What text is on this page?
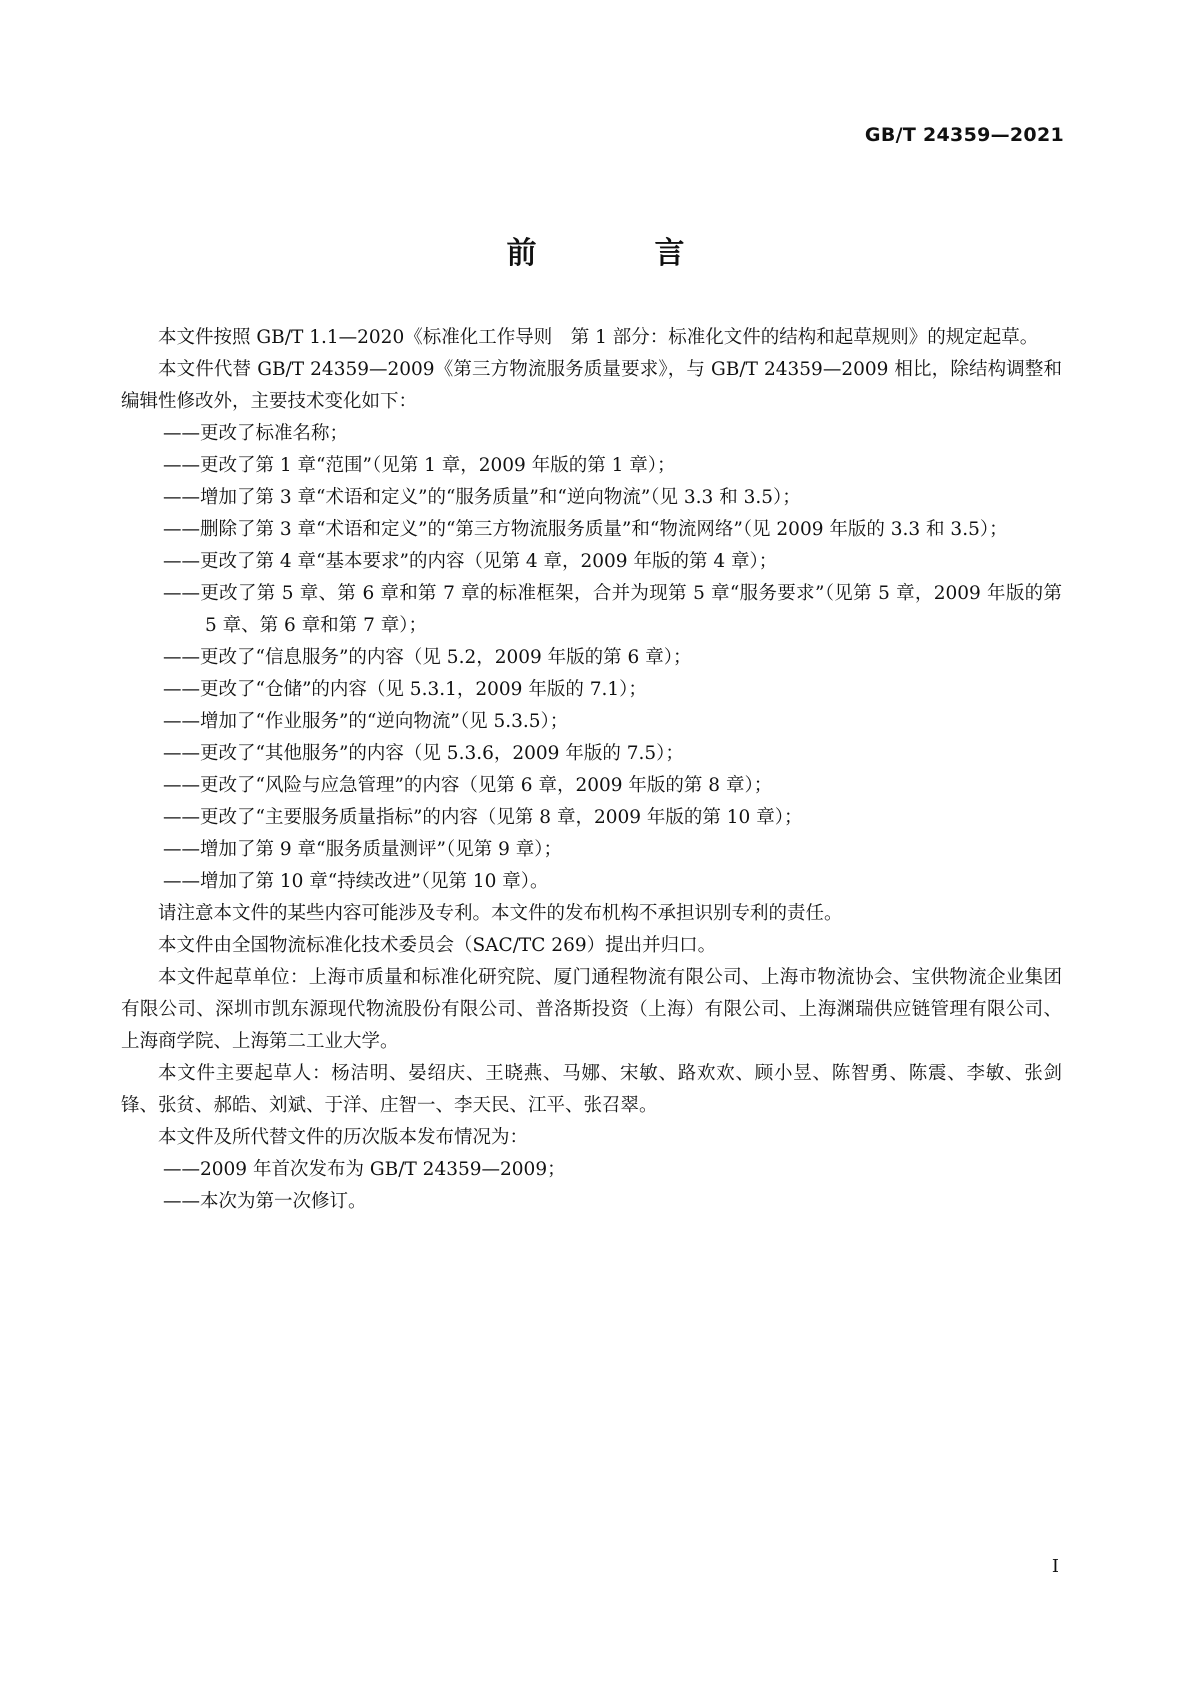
GB/T 24359—2021
前　言

本文件按照 GB/T 1.1—2020《标准化工作导则　第 1 部分：标准化文件的结构和起草规则》的规定起草。

本文件代替 GB/T 24359—2009《第三方物流服务质量要求》，与 GB/T 24359—2009 相比，除结构调整和编辑性修改外，主要技术变化如下：

——更改了标准名称；

——更改了第 1 章“范围”（见第 1 章，2009 年版的第 1 章）；

——增加了第 3 章“术语和定义”的“服务质量”和“逆向物流”（见 3.3 和 3.5）；

——删除了第 3 章“术语和定义”的“第三方物流服务质量”和“物流网络”（见 2009 年版的 3.3 和 3.5）；

——更改了第 4 章“基本要求”的内容（见第 4 章，2009 年版的第 4 章）；

——更改了第 5 章、第 6 章和第 7 章的标准框架，合并为现第 5 章“服务要求”（见第 5 章，2009 年版的第 5 章、第 6 章和第 7 章）；

——更改了“信息服务”的内容（见 5.2，2009 年版的第 6 章）；

——更改了“仓储”的内容（见 5.3.1，2009 年版的 7.1）；

——增加了“作业服务”的“逆向物流”（见 5.3.5）；

——更改了“其他服务”的内容（见 5.3.6，2009 年版的 7.5）；

——更改了“风险与应急管理”的内容（见第 6 章，2009 年版的第 8 章）；

——更改了“主要服务质量指标”的内容（见第 8 章，2009 年版的第 10 章）；

——增加了第 9 章“服务质量测评”（见第 9 章）；

——增加了第 10 章“持续改进”（见第 10 章）。

请注意本文件的某些内容可能涉及专利。本文件的发布机构不承担识别专利的责任。

本文件由全国物流标准化技术委员会（SAC/TC 269）提出并归口。

本文件起草单位：上海市质量和标准化研究院、厦门通程物流有限公司、上海市物流协会、宝供物流企业集团有限公司、深圳市凯东源现代物流股份有限公司、普洛斯投资（上海）有限公司、上海渊瑞供应链管理有限公司、上海商学院、上海第二工业大学。

本文件主要起草人：杨洁明、晏绍庆、王晓燕、马娜、宋敏、路欢欢、顾小昱、陈智勇、陈震、李敏、张剑锋、张贫、郝皓、刘斌、于洋、庄智一、李天民、江平、张召翠。

本文件及所代替文件的历次版本发布情况为：

——2009 年首次发布为 GB/T 24359—2009；

——本次为第一次修订。

I
